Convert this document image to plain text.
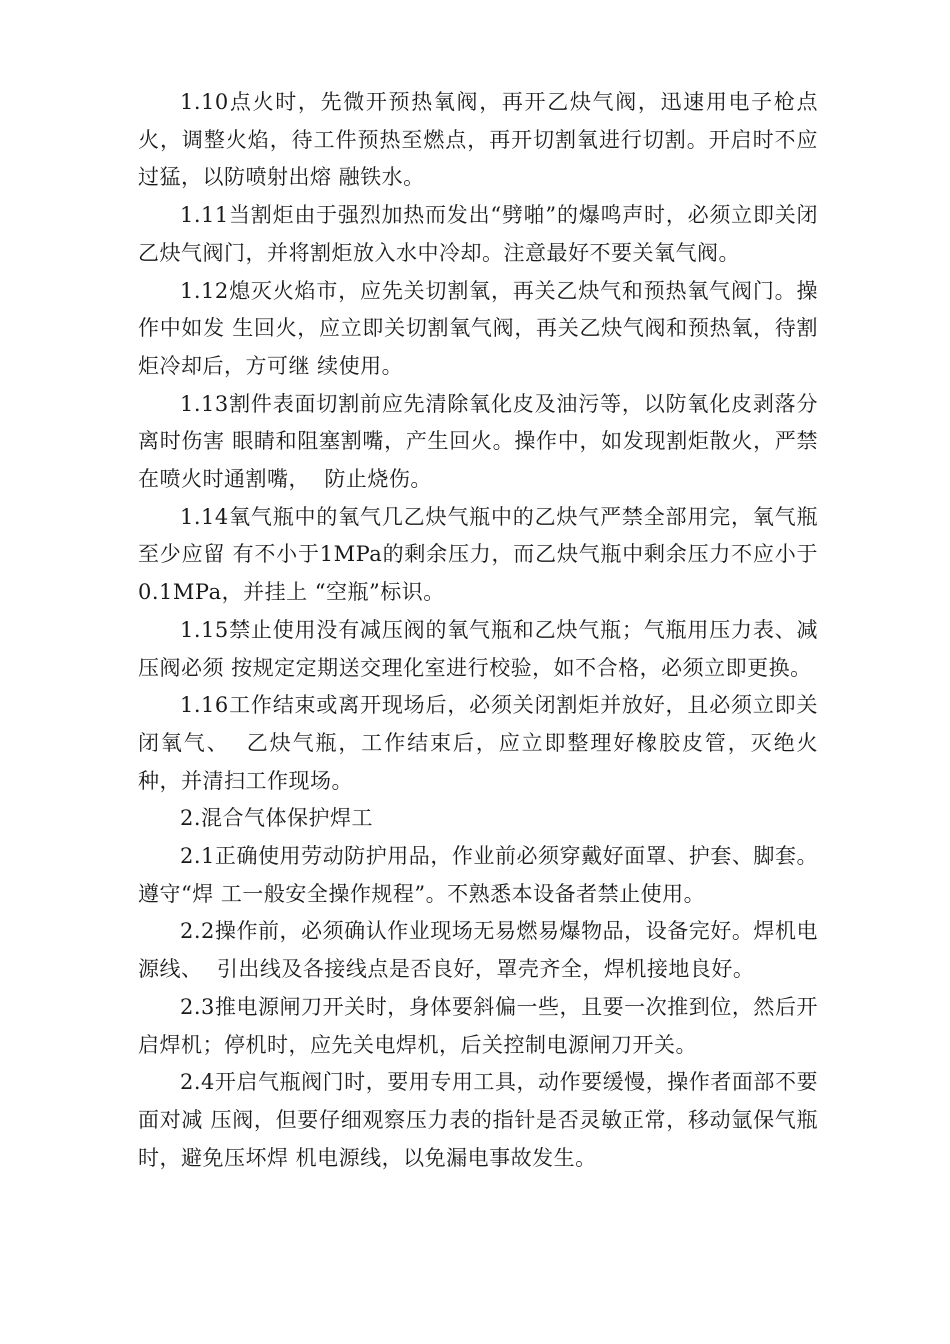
1.10点火时，先微开预热氧阀，再开乙炔气阀，迅速用电子枪点火，调整火焰，待工件预热至燃点，再开切割氧进行切割。开启时不应过猛，以防喷射出熔 融铁水。

1.11当割炬由于强烈加热而发出“劈啪”的爆鸣声时，必须立即关闭乙炔气阀门，并将割炬放入水中冷却。注意最好不要关氧气阀。

1.12熄灭火焰市，应先关切割氧，再关乙炔气和预热氧气阀门。操作中如发 生回火，应立即关切割氧气阀，再关乙炔气阀和预热氧，待割炬冷却后，方可继 续使用。

1.13割件表面切割前应先清除氧化皮及油污等，以防氧化皮剥落分离时伤害 眼睛和阻塞割嘴，产生回火。操作中，如发现割炬散火，严禁在喷火时通割嘴，  防止烧伤。

1.14氧气瓶中的氧气几乙炔气瓶中的乙炔气严禁全部用完，氧气瓶至少应留 有不小于1MPa的剩余压力，而乙炔气瓶中剩余压力不应小于0.1MPa，并挂上 “空瓶”标识。

1.15禁止使用没有减压阀的氧气瓶和乙炔气瓶；气瓶用压力表、减压阀必须 按规定定期送交理化室进行校验，如不合格，必须立即更换。

1.16工作结束或离开现场后，必须关闭割炬并放好，且必须立即关闭氧气、  乙炔气瓶，工作结束后，应立即整理好橡胶皮管，灭绝火种，并清扫工作现场。

2.混合气体保护焊工

2.1正确使用劳动防护用品，作业前必须穿戴好面罩、护套、脚套。遵守“焊 工一般安全操作规程”。不熟悉本设备者禁止使用。

2.2操作前，必须确认作业现场无易燃易爆物品，设备完好。焊机电源线、  引出线及各接线点是否良好，罩壳齐全，焊机接地良好。

2.3推电源闸刀开关时，身体要斜偏一些，且要一次推到位，然后开启焊机；停机时，应先关电焊机，后关控制电源闸刀开关。

2.4开启气瓶阀门时，要用专用工具，动作要缓慢，操作者面部不要面对减 压阀，但要仔细观察压力表的指针是否灵敏正常，移动氩保气瓶时，避免压坏焊 机电源线，以免漏电事故发生。
